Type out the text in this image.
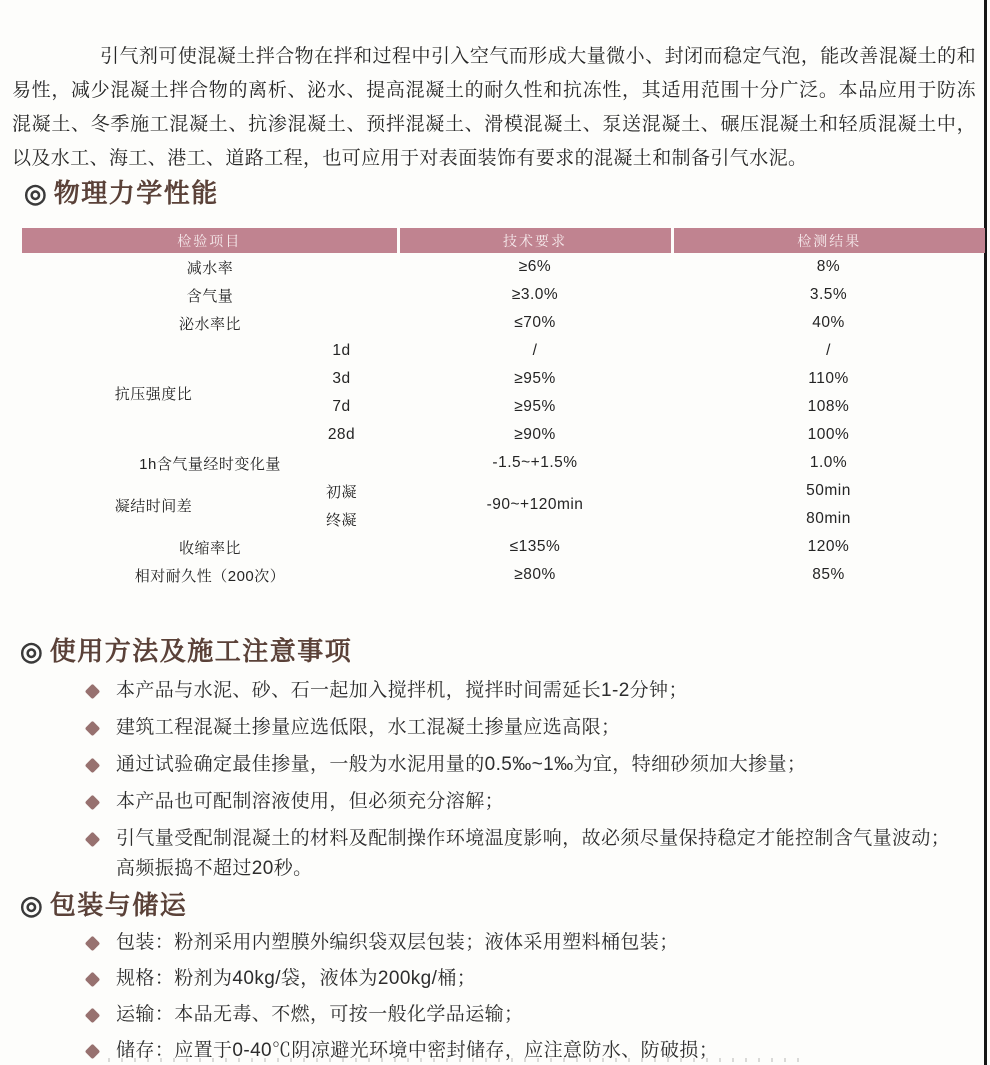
引气剂可使混凝土拌合物在拌和过程中引入空气而形成大量微小、封闭而稳定气泡，能改善混凝土的和易性，减少混凝土拌合物的离析、泌水、提高混凝土的耐久性和抗冻性，其适用范围十分广泛。本品应用于防冻混凝土、冬季施工混凝土、抗渗混凝土、预拌混凝土、滑模混凝土、泵送混凝土、碾压混凝土和轻质混凝土中，以及水工、海工、港工、道路工程，也可应用于对表面装饰有要求的混凝土和制备引气水泥。

◎ 物理力学性能
检验项目		技术要求	检测结果
减水率		≥6%	8%
含气量		≥3.0%	3.5%
泌水率比		≤70%	40%
抗压强度比	1d	/	/
	3d	≥95%	110%
	7d	≥95%	108%
	28d	≥90%	100%
1h含气量经时变化量		-1.5~+1.5%	1.0%
凝结时间差	初凝	-90~+120min	50min
	终凝		80min
收缩率比		≤135%	120%
相对耐久性（200次）		≥80%	85%
◎ 使用方法及施工注意事项
本产品与水泥、砂、石一起加入搅拌机，搅拌时间需延长1-2分钟；
建筑工程混凝土掺量应选低限，水工混凝土掺量应选高限；
通过试验确定最佳掺量，一般为水泥用量的0.5‰~1‰为宜，特细砂须加大掺量；
本产品也可配制溶液使用，但必须充分溶解；
引气量受配制混凝土的材料及配制操作环境温度影响，故必须尽量保持稳定才能控制含气量波动；高频振捣不超过20秒。
◎ 包装与储运
包装：粉剂采用内塑膜外编织袋双层包装；液体采用塑料桶包装；
规格：粉剂为40kg/袋，液体为200kg/桶；
运输：本品无毒、不燃，可按一般化学品运输；
储存：应置于0-40℃阴凉避光环境中密封储存，应注意防水、防破损；
